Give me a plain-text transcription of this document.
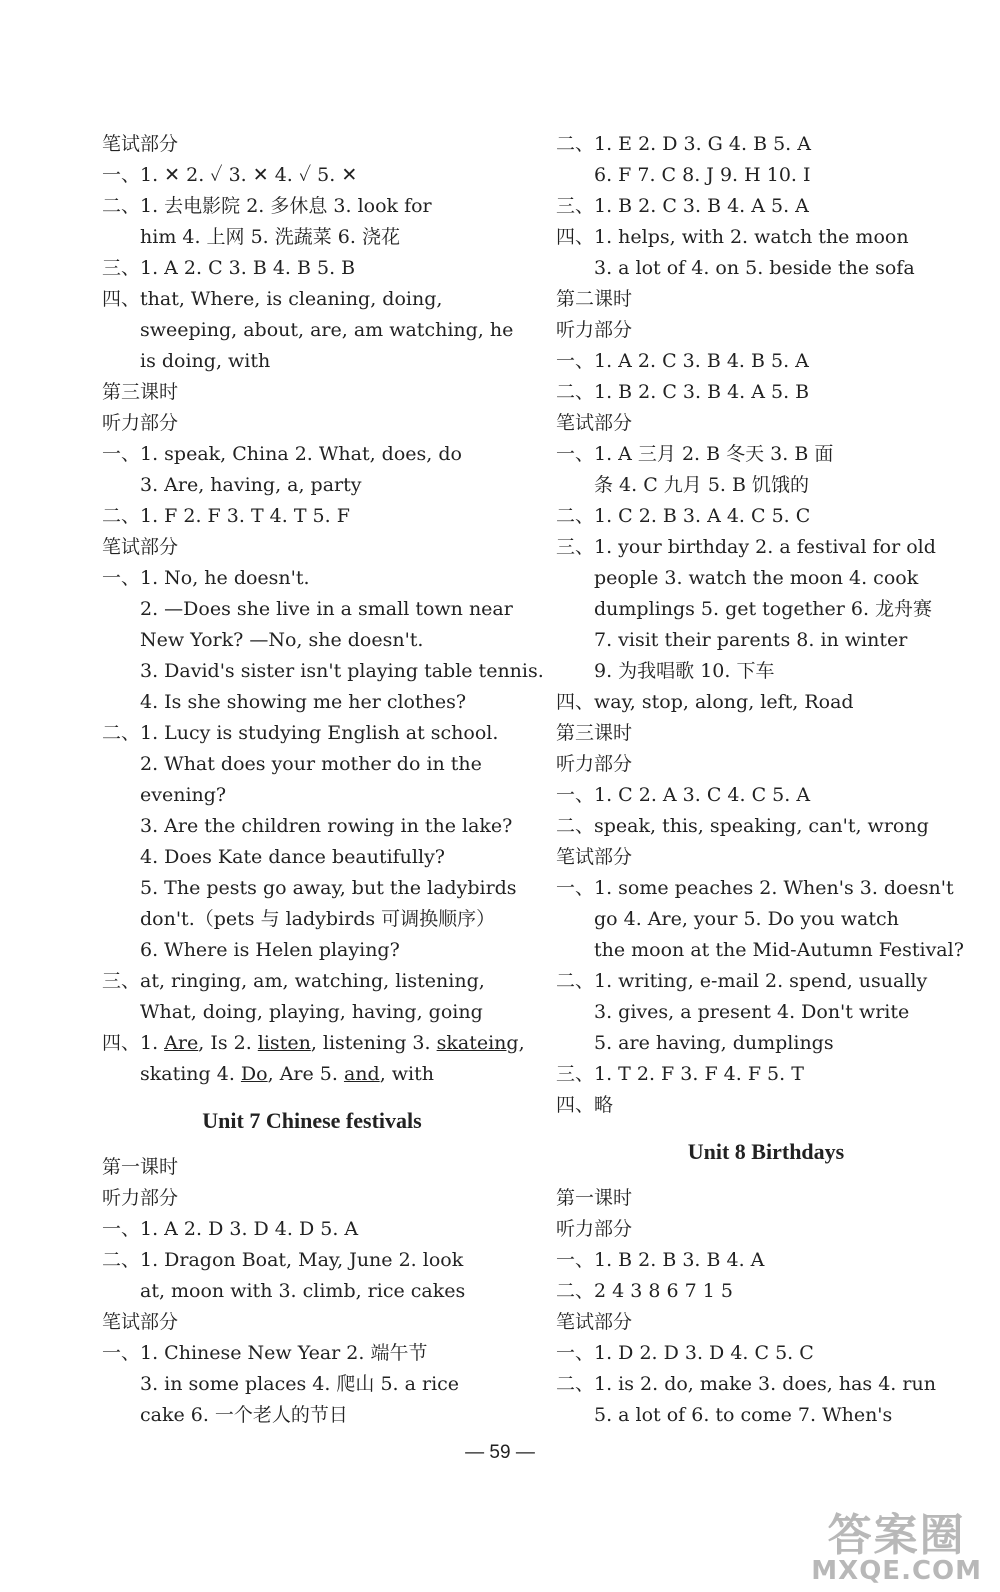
笔试部分
一、1. ✕ 2. ✓ 3. ✕ 4. ✓ 5. ✕
二、1. 去电影院 2. 多休息 3. look for
him 4. 上网 5. 洗蔬菜 6. 浇花
三、1. A 2. C 3. B 4. B 5. B
四、that, Where, is cleaning, doing,
sweeping, about, are, am watching, he
is doing, with
第三课时
听力部分
一、1. speak, China 2. What, does, do
3. Are, having, a, party
二、1. F 2. F 3. T 4. T 5. F
笔试部分
一、1. No, he doesn't.
2. —Does she live in a small town near
New York? —No, she doesn't.
3. David's sister isn't playing table tennis.
4. Is she showing me her clothes?
二、1. Lucy is studying English at school.
2. What does your mother do in the
evening?
3. Are the children rowing in the lake?
4. Does Kate dance beautifully?
5. The pests go away, but the ladybirds
don't.（pets 与 ladybirds 可调换顺序）
6. Where is Helen playing?
三、at, ringing, am, watching, listening,
What, doing, playing, having, going
四、1. Are, Is 2. listen, listening 3. skateing,
skating 4. Do, Are 5. and, with
Unit 7 Chinese festivals
第一课时
听力部分
一、1. A 2. D 3. D 4. D 5. A
二、1. Dragon Boat, May, June 2. look
at, moon with 3. climb, rice cakes
笔试部分
一、1. Chinese New Year 2. 端午节
3. in some places 4. 爬山 5. a rice
cake 6. 一个老人的节日
二、1. E 2. D 3. G 4. B 5. A
6. F 7. C 8. J 9. H 10. I
三、1. B 2. C 3. B 4. A 5. A
四、1. helps, with 2. watch the moon
3. a lot of 4. on 5. beside the sofa
第二课时
听力部分
一、1. A 2. C 3. B 4. B 5. A
二、1. B 2. C 3. B 4. A 5. B
笔试部分
一、1. A 三月 2. B 冬天 3. B 面
条 4. C 九月 5. B 饥饿的
二、1. C 2. B 3. A 4. C 5. C
三、1. your birthday 2. a festival for old
people 3. watch the moon 4. cook
dumplings 5. get together 6. 龙舟赛
7. visit their parents 8. in winter
9. 为我唱歌 10. 下车
四、way, stop, along, left, Road
第三课时
听力部分
一、1. C 2. A 3. C 4. C 5. A
二、speak, this, speaking, can't, wrong
笔试部分
一、1. some peaches 2. When's 3. doesn't
go 4. Are, your 5. Do you watch
the moon at the Mid-Autumn Festival?
二、1. writing, e-mail 2. spend, usually
3. gives, a present 4. Don't write
5. are having, dumplings
三、1. T 2. F 3. F 4. F 5. T
四、略
Unit 8 Birthdays
第一课时
听力部分
一、1. B 2. B 3. B 4. A
二、2 4 3 8 6 7 1 5
笔试部分
一、1. D 2. D 3. D 4. C 5. C
二、1. is 2. do, make 3. does, has 4. run
5. a lot of 6. to come 7. When's
— 59 —
答案圈
MXQE.COM
